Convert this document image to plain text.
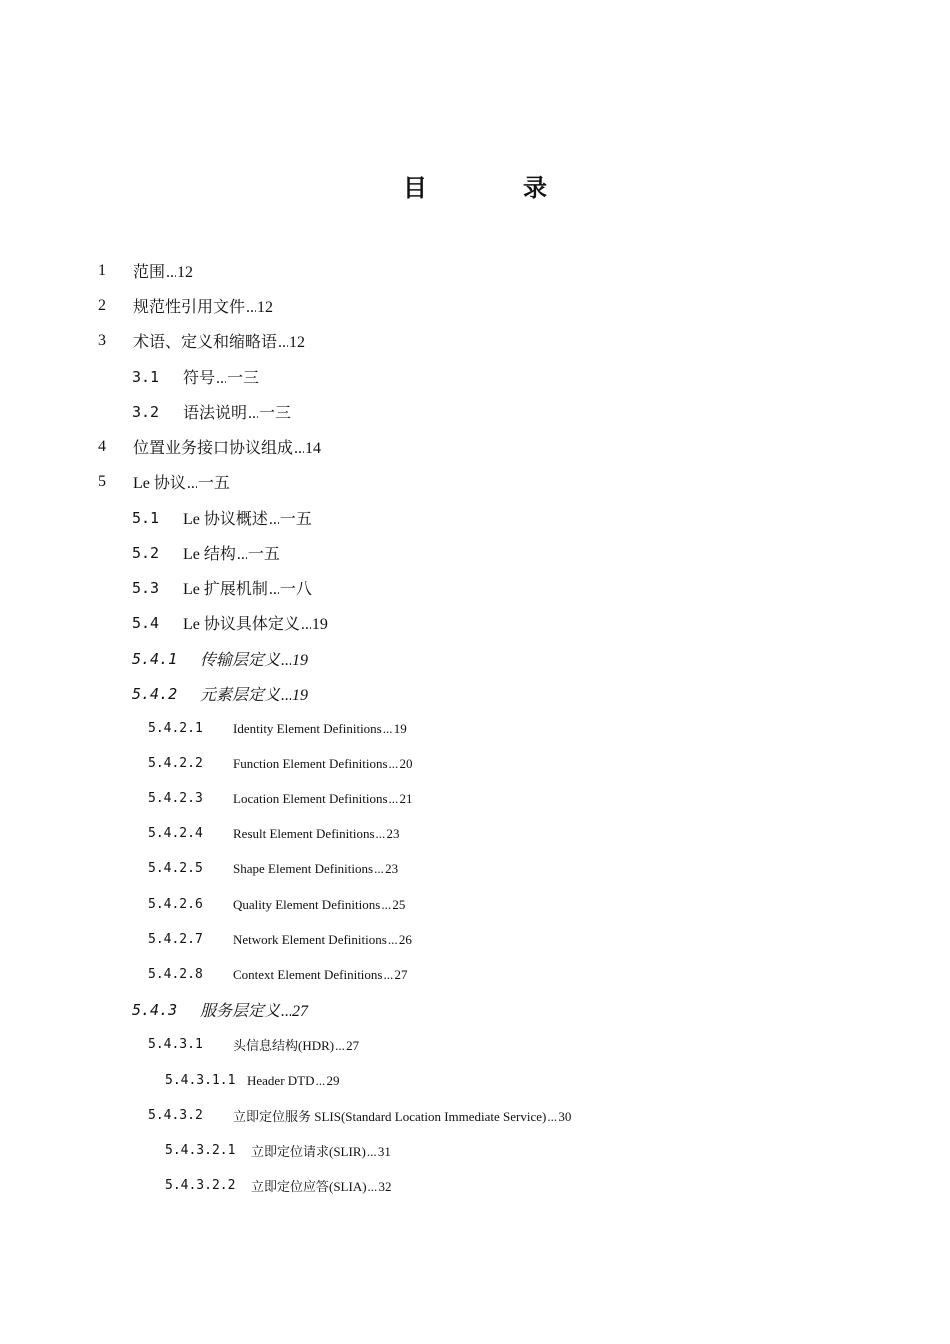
目　录
1 范围 ..... 12
2 规范性引用文件 ..... 12
3 术语、定义和缩略语 ..... 12
3.1 符号 ..... 一三
3.2 语法说明 ..... 一三
4 位置业务接口协议组成 ..... 14
5 Le 协议 ..... 一五
5.1 Le 协议概述 ..... 一五
5.2 Le 结构 ..... 一五
5.3 Le 扩展机制 ..... 一八
5.4 Le 协议具体定义 ..... 19
5.4.1 传输层定义 ..... 19
5.4.2 元素层定义 ..... 19
5.4.2.1 Identity Element Definitions ..... 19
5.4.2.2 Function Element Definitions ..... 20
5.4.2.3 Location Element Definitions ..... 21
5.4.2.4 Result Element Definitions ..... 23
5.4.2.5 Shape Element Definitions ..... 23
5.4.2.6 Quality Element Definitions ..... 25
5.4.2.7 Network Element Definitions ..... 26
5.4.2.8 Context Element Definitions ..... 27
5.4.3 服务层定义 ..... 27
5.4.3.1 头信息结构(HDR) ..... 27
5.4.3.1.1 Header DTD ..... 29
5.4.3.2 立即定位服务 SLIS(Standard Location Immediate Service) ..... 30
5.4.3.2.1 立即定位请求(SLIR) ..... 31
5.4.3.2.2 立即定位应答(SLIA) ..... 32
